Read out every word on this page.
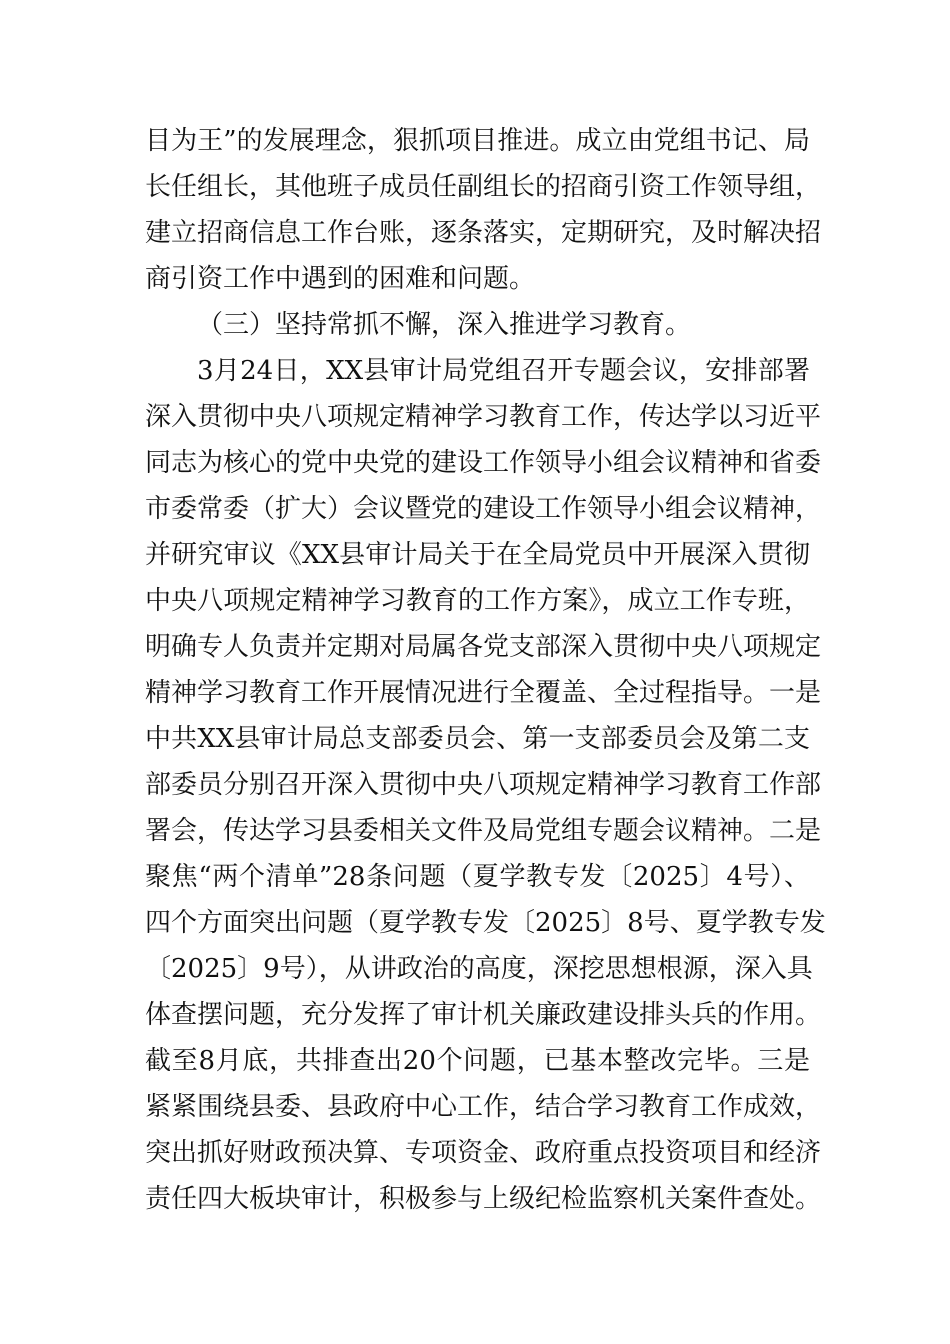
目为王”的发展理念，狠抓项目推进。成立由党组书记、局
长任组长，其他班子成员任副组长的招商引资工作领导组，
建立招商信息工作台账，逐条落实，定期研究，及时解决招
商引资工作中遇到的困难和问题。
（三）坚持常抓不懈，深入推进学习教育。
3月24日，XX县审计局党组召开专题会议，安排部署
深入贯彻中央八项规定精神学习教育工作，传达学以习近平
同志为核心的党中央党的建设工作领导小组会议精神和省委
市委常委（扩大）会议暨党的建设工作领导小组会议精神，
并研究审议《XX县审计局关于在全局党员中开展深入贯彻
中央八项规定精神学习教育的工作方案》，成立工作专班，
明确专人负责并定期对局属各党支部深入贯彻中央八项规定
精神学习教育工作开展情况进行全覆盖、全过程指导。一是
中共XX县审计局总支部委员会、第一支部委员会及第二支
部委员分别召开深入贯彻中央八项规定精神学习教育工作部
署会，传达学习县委相关文件及局党组专题会议精神。二是
聚焦“两个清单”28条问题（夏学教专发〔2025〕4号）、
四个方面突出问题（夏学教专发〔2025〕8号、夏学教专发
〔2025〕9号），从讲政治的高度，深挖思想根源，深入具
体查摆问题，充分发挥了审计机关廉政建设排头兵的作用。
截至8月底，共排查出20个问题，已基本整改完毕。三是
紧紧围绕县委、县政府中心工作，结合学习教育工作成效，
突出抓好财政预决算、专项资金、政府重点投资项目和经济
责任四大板块审计，积极参与上级纪检监察机关案件查处。
